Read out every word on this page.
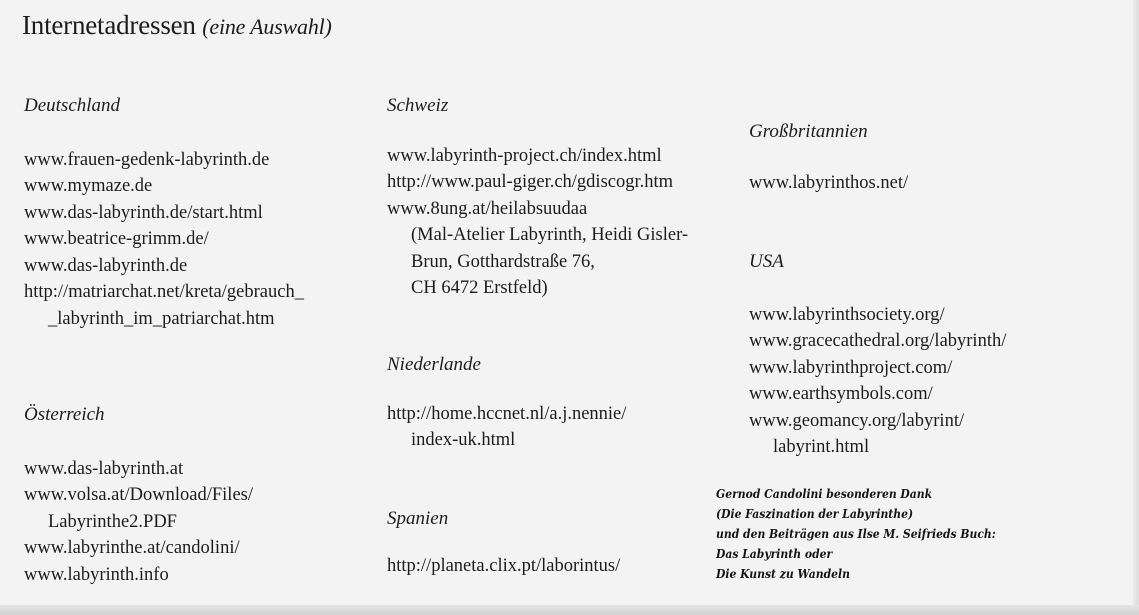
Internetadressen (eine Auswahl)
Deutschland
www.frauen-gedenk-labyrinth.de
www.mymaze.de
www.das-labyrinth.de/start.html
www.beatrice-grimm.de/
www.das-labyrinth.de
http://matriarchat.net/kreta/gebrauch_
_labyrinth_im_patriarchat.htm
Österreich
www.das-labyrinth.at
www.volsa.at/Download/Files/
Labyrinthe2.PDF
www.labyrinthe.at/candolini/
www.labyrinth.info
Schweiz
www.labyrinth-project.ch/index.html
http://www.paul-giger.ch/gdiscogr.htm
www.8ung.at/heilabsuudaa
(Mal-Atelier Labyrinth, Heidi Gisler-
Brun, Gotthardstraße 76,
CH 6472 Erstfeld)
Niederlande
http://home.hccnet.nl/a.j.nennie/
index-uk.html
Spanien
http://planeta.clix.pt/laborintus/
Großbritannien
www.labyrinthos.net/
USA
www.labyrinthsociety.org/
www.gracecathedral.org/labyrinth/
www.labyrinthproject.com/
www.earthsymbols.com/
www.geomancy.org/labyrint/
labyrint.html
Gernod Candolini besonderen Dank
(Die Faszination der Labyrinthe)
und den Beiträgen aus Ilse M. Seifrieds Buch:
Das Labyrinth oder
Die Kunst zu Wandeln
